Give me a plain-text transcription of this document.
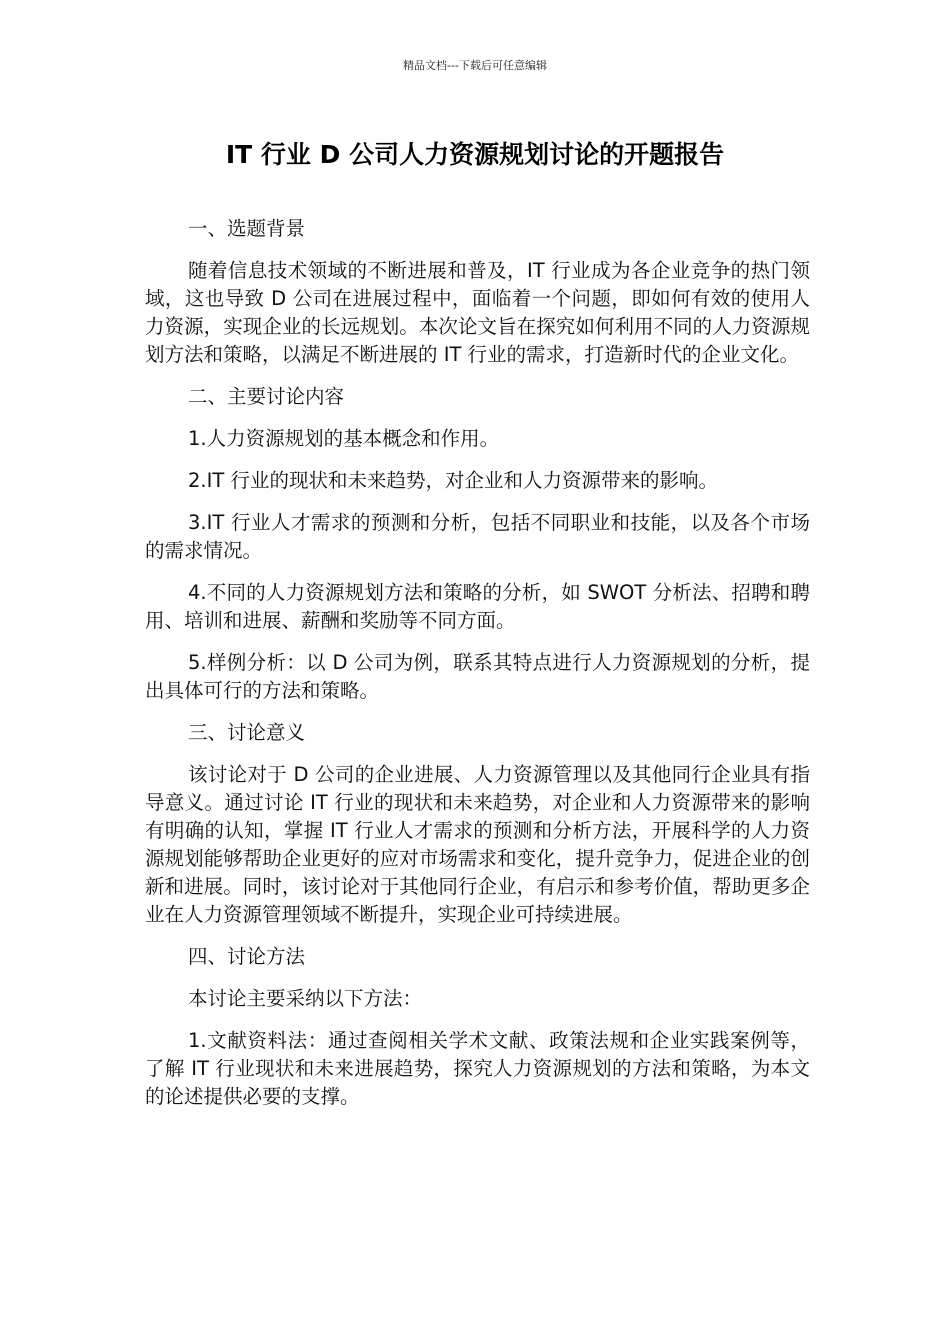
精品文档---下载后可任意编辑
IT 行业 D 公司人力资源规划讨论的开题报告

一、选题背景

随着信息技术领域的不断进展和普及，IT 行业成为各企业竞争的热门领域，这也导致 D 公司在进展过程中，面临着一个问题，即如何有效的使用人力资源，实现企业的长远规划。本次论文旨在探究如何利用不同的人力资源规划方法和策略，以满足不断进展的 IT 行业的需求，打造新时代的企业文化。

二、主要讨论内容

1.人力资源规划的基本概念和作用。

2.IT 行业的现状和未来趋势，对企业和人力资源带来的影响。

3.IT 行业人才需求的预测和分析，包括不同职业和技能，以及各个市场的需求情况。

4.不同的人力资源规划方法和策略的分析，如 SWOT 分析法、招聘和聘用、培训和进展、薪酬和奖励等不同方面。

5.样例分析：以 D 公司为例，联系其特点进行人力资源规划的分析，提出具体可行的方法和策略。

三、讨论意义

该讨论对于 D 公司的企业进展、人力资源管理以及其他同行企业具有指导意义。通过讨论 IT 行业的现状和未来趋势，对企业和人力资源带来的影响有明确的认知，掌握 IT 行业人才需求的预测和分析方法，开展科学的人力资源规划能够帮助企业更好的应对市场需求和变化，提升竞争力，促进企业的创新和进展。同时，该讨论对于其他同行企业，有启示和参考价值，帮助更多企业在人力资源管理领域不断提升，实现企业可持续进展。

四、讨论方法

本讨论主要采纳以下方法：

1.文献资料法：通过查阅相关学术文献、政策法规和企业实践案例等，了解 IT 行业现状和未来进展趋势，探究人力资源规划的方法和策略，为本文的论述提供必要的支撑。
